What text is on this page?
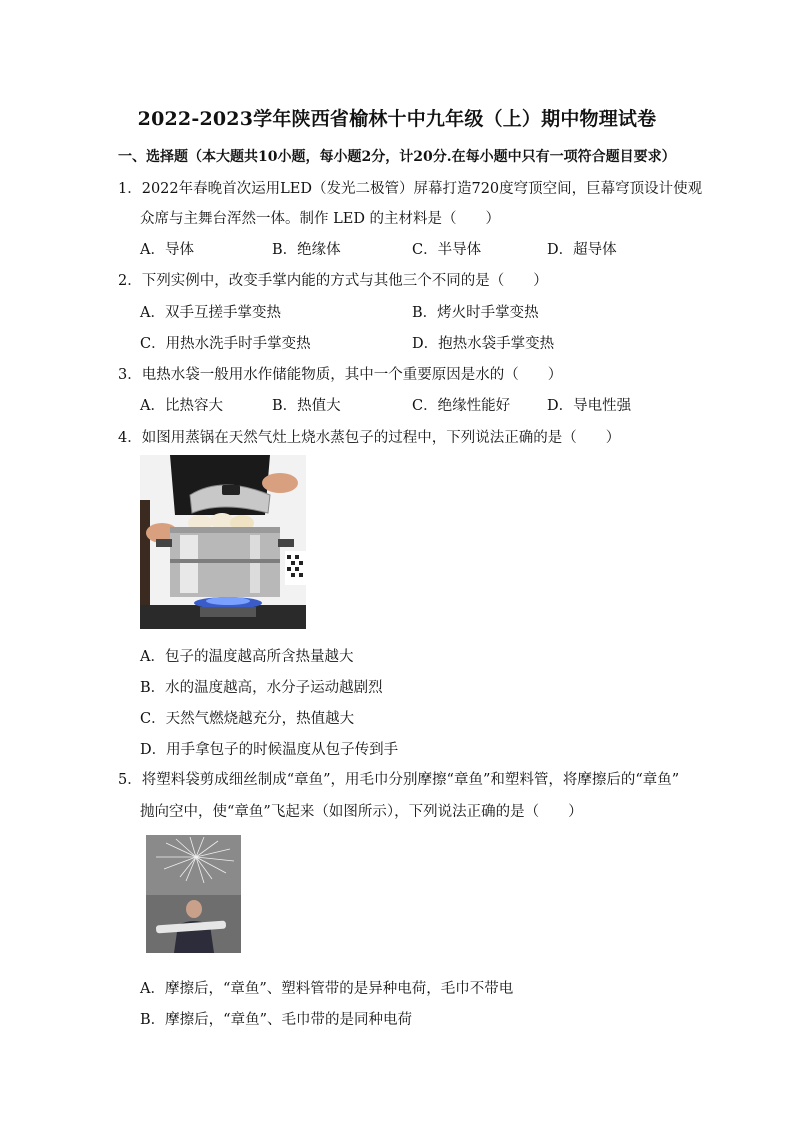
2022-2023学年陕西省榆林十中九年级（上）期中物理试卷
一、选择题（本大题共10小题，每小题2分，计20分.在每小题中只有一项符合题目要求）
1．2022年春晚首次运用LED（发光二极管）屏幕打造720度穹顶空间，巨幕穹顶设计使观
众席与主舞台浑然一体。制作 LED 的主材料是（　　）
A．导体	B．绝缘体	C．半导体	D．超导体
2．下列实例中，改变手掌内能的方式与其他三个不同的是（　　）
A．双手互搓手掌变热	B．烤火时手掌变热
C．用热水洗手时手掌变热	D．抱热水袋手掌变热
3．电热水袋一般用水作储能物质，其中一个重要原因是水的（　　）
A．比热容大	B．热值大	C．绝缘性能好	D．导电性强
4．如图用蒸锅在天然气灶上烧水蒸包子的过程中，下列说法正确的是（　　）
A．包子的温度越高所含热量越大
B．水的温度越高，水分子运动越剧烈
C．天然气燃烧越充分，热值越大
D．用手拿包子的时候温度从包子传到手
5．将塑料袋剪成细丝制成“章鱼”，用毛巾分别摩擦“章鱼”和塑料管，将摩擦后的“章鱼”
抛向空中，使“章鱼”飞起来（如图所示），下列说法正确的是（　　）
A．摩擦后，“章鱼”、塑料管带的是异种电荷，毛巾不带电
B．摩擦后，“章鱼”、毛巾带的是同种电荷
